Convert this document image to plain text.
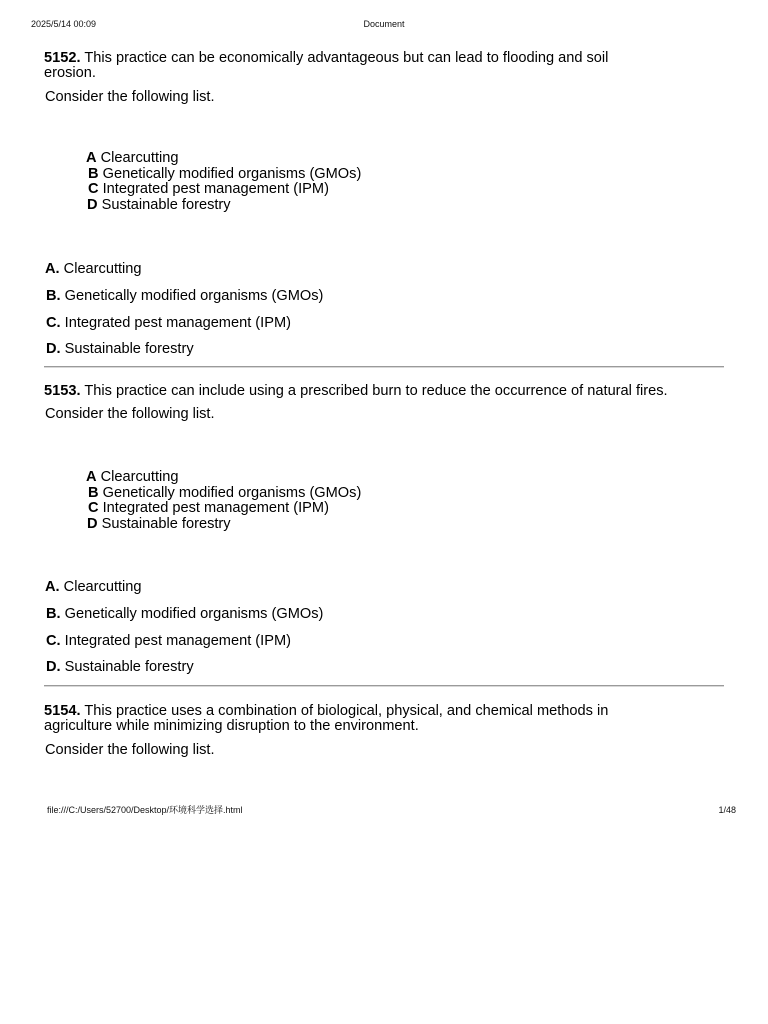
2025/5/14 00:09	Document

5152. This practice can be economically advantageous but can lead to flooding and soil
erosion.

Consider the following list.

A Clearcutting
B Genetically modified organisms (GMOs)
C Integrated pest management (IPM)
D Sustainable forestry
A. Clearcutting
B. Genetically modified organisms (GMOs)
C. Integrated pest management (IPM)
D. Sustainable forestry

5153. This practice can include using a prescribed burn to reduce the occurrence of natural fires.

Consider the following list.

A Clearcutting
B Genetically modified organisms (GMOs)
C Integrated pest management (IPM)
D Sustainable forestry
A. Clearcutting
B. Genetically modified organisms (GMOs)
C. Integrated pest management (IPM)
D. Sustainable forestry

5154. This practice uses a combination of biological, physical, and chemical methods in
agriculture while minimizing disruption to the environment.

Consider the following list.

file:///C:/Users/52700/Desktop/环境科学选择.html	1/48
